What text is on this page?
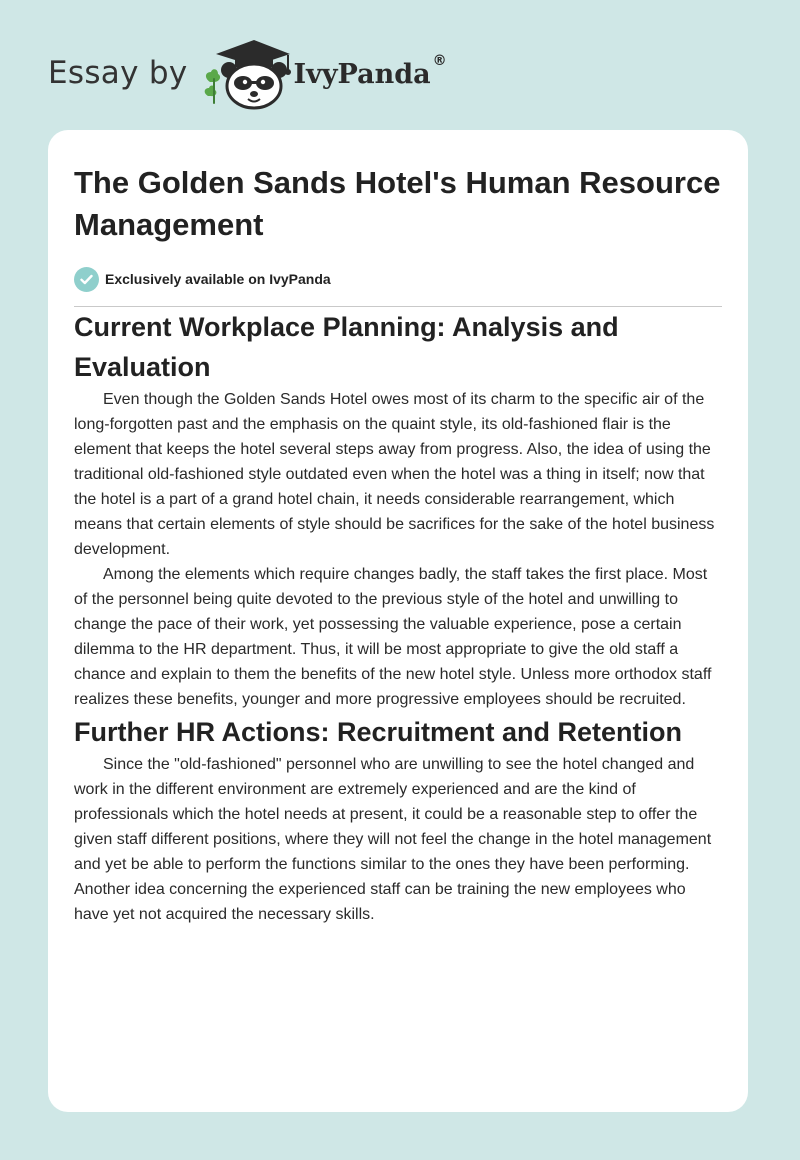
Essay by	IvyPanda ®
The Golden Sands Hotel's Human Resource Management
Exclusively available on IvyPanda
Current Workplace Planning: Analysis and Evaluation

Even though the Golden Sands Hotel owes most of its charm to the specific air of the long-forgotten past and the emphasis on the quaint style, its old-fashioned flair is the element that keeps the hotel several steps away from progress. Also, the idea of using the traditional old-fashioned style outdated even when the hotel was a thing in itself; now that the hotel is a part of a grand hotel chain, it needs considerable rearrangement, which means that certain elements of style should be sacrifices for the sake of the hotel business development.

Among the elements which require changes badly, the staff takes the first place. Most of the personnel being quite devoted to the previous style of the hotel and unwilling to change the pace of their work, yet possessing the valuable experience, pose a certain dilemma to the HR department. Thus, it will be most appropriate to give the old staff a chance and explain to them the benefits of the new hotel style. Unless more orthodox staff realizes these benefits, younger and more progressive employees should be recruited.

Further HR Actions: Recruitment and Retention

Since the "old-fashioned" personnel who are unwilling to see the hotel changed and work in the different environment are extremely experienced and are the kind of professionals which the hotel needs at present, it could be a reasonable step to offer the given staff different positions, where they will not feel the change in the hotel management and yet be able to perform the functions similar to the ones they have been performing. Another idea concerning the experienced staff can be training the new employees who have yet not acquired the necessary skills.
